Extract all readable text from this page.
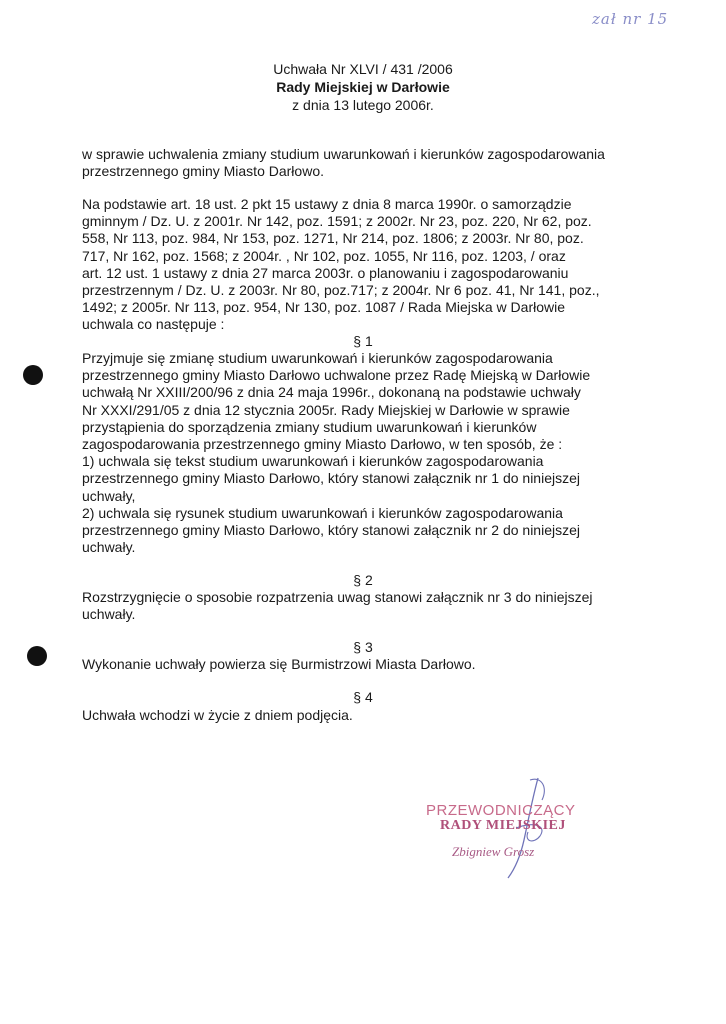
zał nr 15
Uchwała Nr XLVI / 431 /2006
Rady Miejskiej w Darłowie
z dnia 13 lutego 2006r.
w sprawie uchwalenia zmiany studium uwarunkowań i kierunków zagospodarowania
przestrzennego gminy Miasto Darłowo.
Na podstawie art. 18 ust. 2 pkt 15 ustawy z dnia 8 marca 1990r. o samorządzie
gminnym / Dz. U. z 2001r. Nr 142, poz. 1591; z 2002r. Nr 23, poz. 220, Nr 62, poz.
558, Nr 113, poz. 984, Nr 153, poz. 1271, Nr 214, poz. 1806; z 2003r. Nr 80, poz.
717, Nr 162, poz. 1568; z 2004r. , Nr 102, poz. 1055, Nr 116, poz. 1203, / oraz
art. 12 ust. 1 ustawy z dnia 27 marca 2003r. o planowaniu i zagospodarowaniu
przestrzennym / Dz. U. z 2003r. Nr 80, poz.717; z 2004r. Nr 6 poz. 41, Nr 141, poz.,
1492; z 2005r. Nr 113, poz. 954, Nr 130, poz. 1087 / Rada Miejska w Darłowie
uchwala co następuje :
§ 1
Przyjmuje się zmianę studium uwarunkowań i kierunków zagospodarowania
przestrzennego gminy Miasto Darłowo uchwalone przez Radę Miejską w Darłowie
uchwałą Nr XXIII/200/96 z dnia 24 maja 1996r., dokonaną na podstawie uchwały
Nr XXXI/291/05 z dnia 12 stycznia 2005r. Rady Miejskiej w Darłowie w sprawie
przystąpienia do sporządzenia zmiany studium uwarunkowań i kierunków
zagospodarowania przestrzennego gminy Miasto Darłowo, w ten sposób, że :
1) uchwala się tekst studium uwarunkowań i kierunków zagospodarowania
przestrzennego gminy Miasto Darłowo, który stanowi załącznik nr 1 do niniejszej
uchwały,
2) uchwala się rysunek studium uwarunkowań i kierunków zagospodarowania
przestrzennego gminy Miasto Darłowo, który stanowi załącznik nr 2 do niniejszej
uchwały.
§ 2
Rozstrzygnięcie o sposobie rozpatrzenia uwag stanowi załącznik nr 3 do niniejszej
uchwały.
§ 3
Wykonanie uchwały powierza się Burmistrzowi Miasta Darłowo.
§ 4
Uchwała wchodzi w życie z dniem podjęcia.
PRZEWODNICZĄCY
RADY MIEJSKIEJ
Zbigniew Grosz
